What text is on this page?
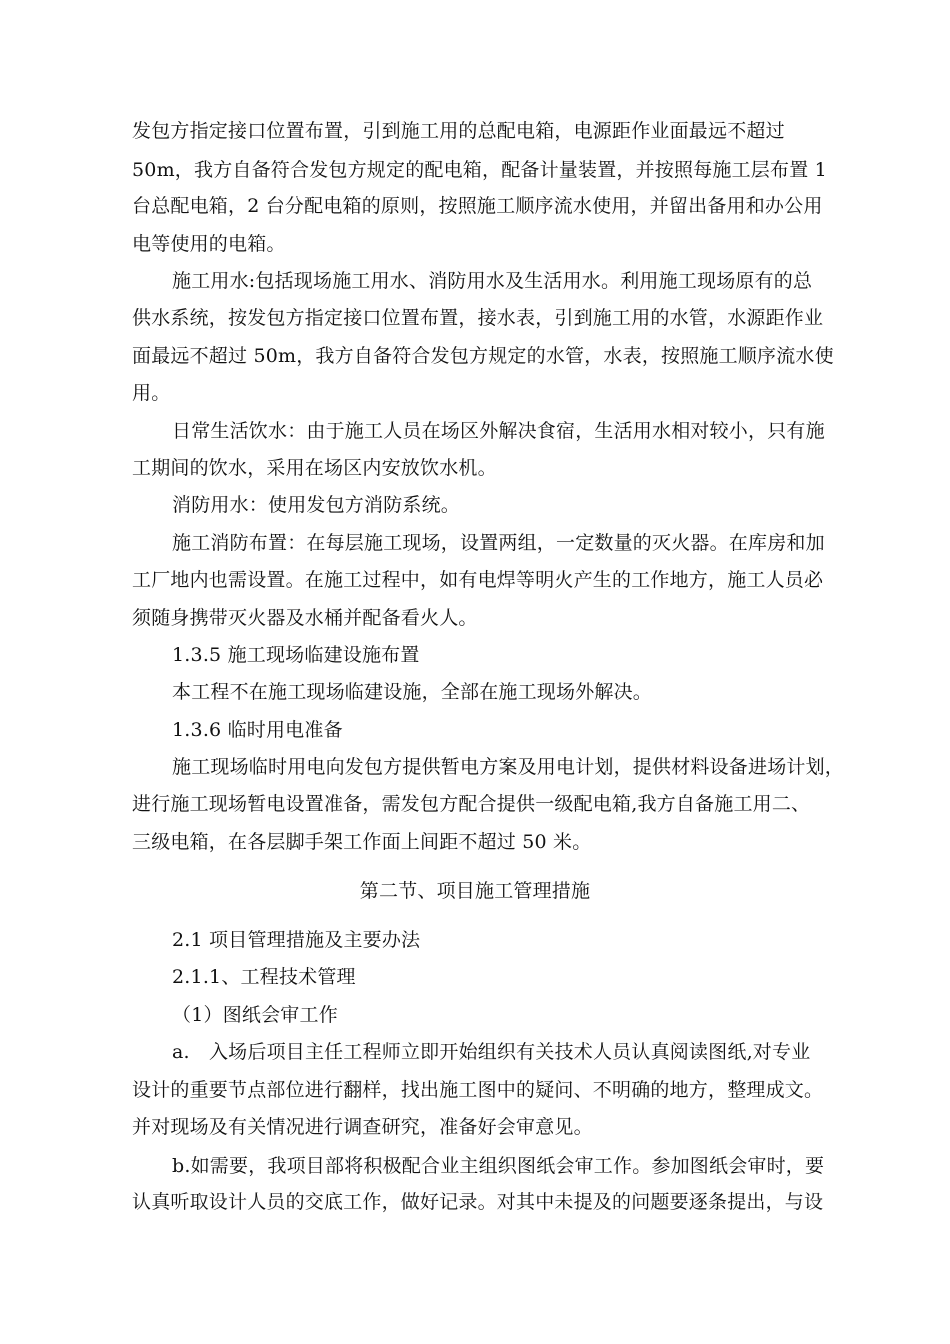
发包方指定接口位置布置，引到施工用的总配电箱，电源距作业面最远不超过
50m，我方自备符合发包方规定的配电箱，配备计量装置，并按照每施工层布置 1
台总配电箱，2 台分配电箱的原则，按照施工顺序流水使用，并留出备用和办公用
电等使用的电箱。
施工用水:包括现场施工用水、消防用水及生活用水。利用施工现场原有的总
供水系统，按发包方指定接口位置布置，接水表，引到施工用的水管，水源距作业
面最远不超过 50m，我方自备符合发包方规定的水管，水表，按照施工顺序流水使
用。
日常生活饮水：由于施工人员在场区外解决食宿，生活用水相对较小，只有施
工期间的饮水，采用在场区内安放饮水机。
消防用水：使用发包方消防系统。
施工消防布置：在每层施工现场，设置两组，一定数量的灭火器。在库房和加
工厂地内也需设置。在施工过程中，如有电焊等明火产生的工作地方，施工人员必
须随身携带灭火器及水桶并配备看火人。
1.3.5 施工现场临建设施布置
本工程不在施工现场临建设施，全部在施工现场外解决。
1.3.6 临时用电准备
施工现场临时用电向发包方提供暂电方案及用电计划，提供材料设备进场计划，
进行施工现场暂电设置准备，需发包方配合提供一级配电箱,我方自备施工用二、
三级电箱，在各层脚手架工作面上间距不超过 50 米。
第二节、项目施工管理措施
2.1 项目管理措施及主要办法
2.1.1、工程技术管理
（1）图纸会审工作
a.　入场后项目主任工程师立即开始组织有关技术人员认真阅读图纸,对专业
设计的重要节点部位进行翻样，找出施工图中的疑问、不明确的地方，整理成文。
并对现场及有关情况进行调查研究，准备好会审意见。
b.如需要，我项目部将积极配合业主组织图纸会审工作。参加图纸会审时，要
认真听取设计人员的交底工作，做好记录。对其中未提及的问题要逐条提出，与设
